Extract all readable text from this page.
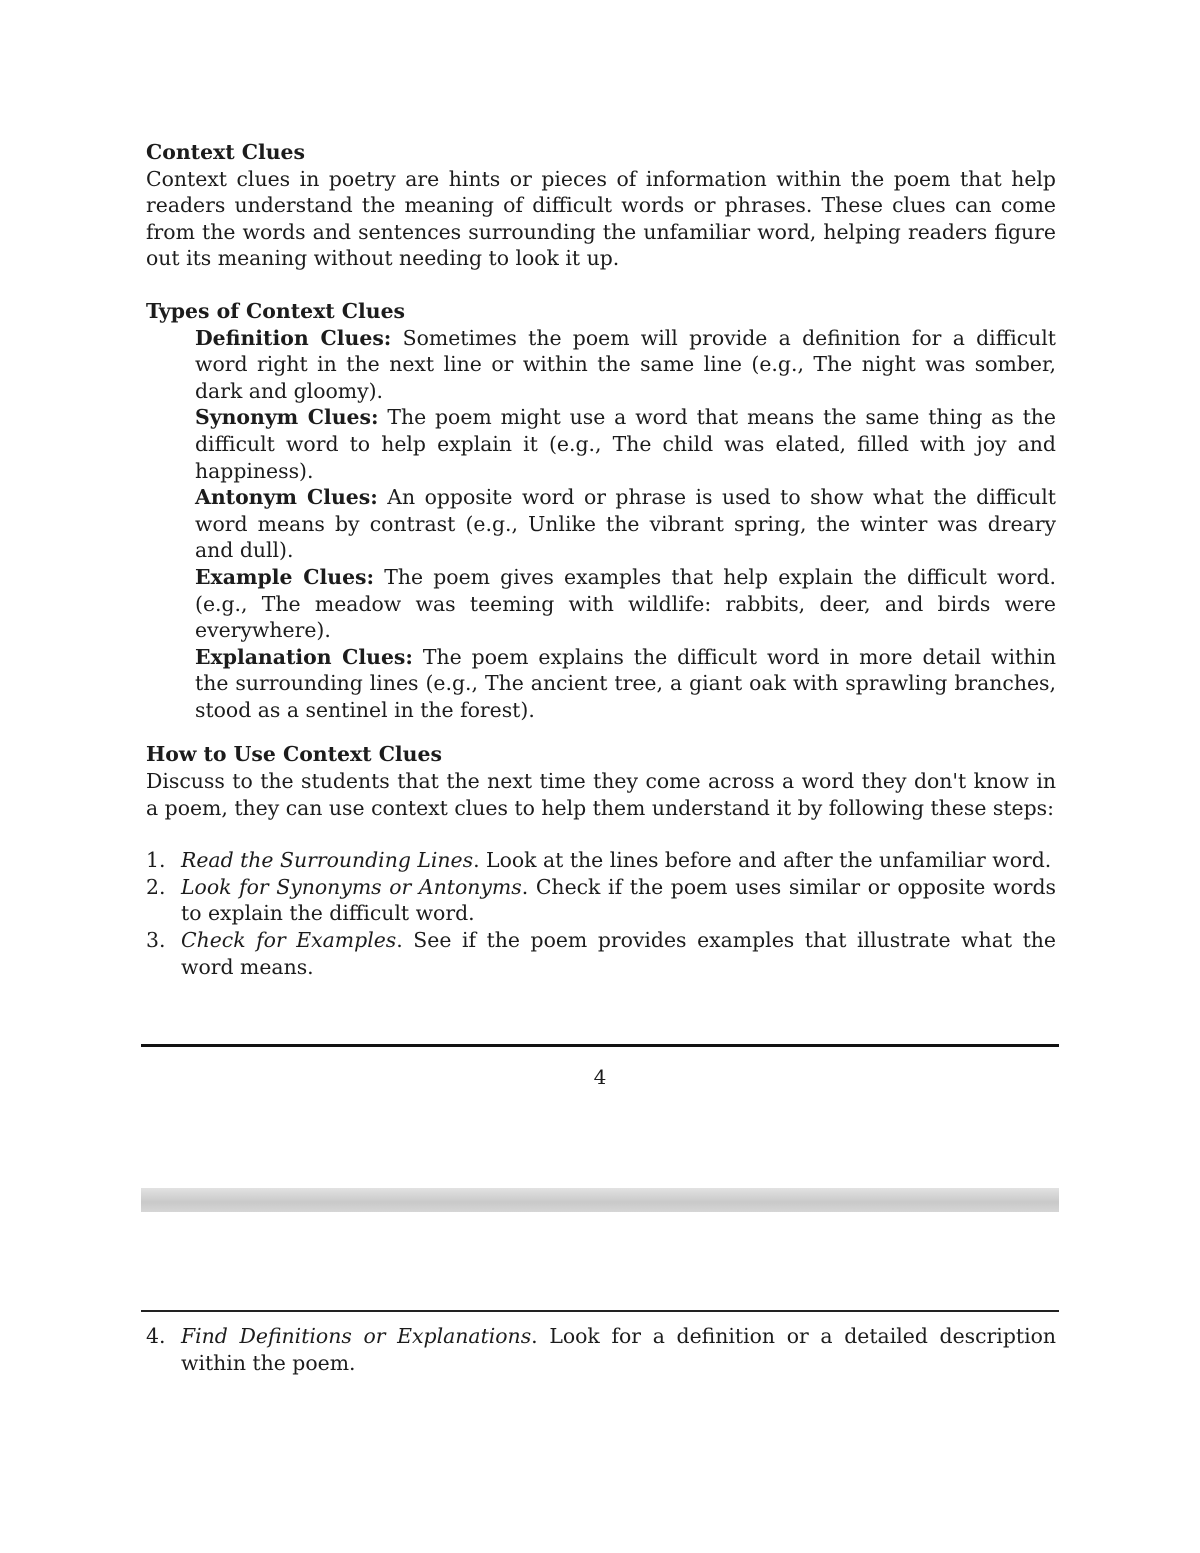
Context Clues

Context clues in poetry are hints or pieces of information within the poem that help readers understand the meaning of difficult words or phrases. These clues can come from the words and sentences surrounding the unfamiliar word, helping readers figure out its meaning without needing to look it up.

Types of Context Clues

Definition Clues: Sometimes the poem will provide a definition for a difficult word right in the next line or within the same line (e.g., The night was somber, dark and gloomy).

Synonym Clues: The poem might use a word that means the same thing as the difficult word to help explain it (e.g., The child was elated, filled with joy and happiness).

Antonym Clues: An opposite word or phrase is used to show what the difficult word means by contrast (e.g., Unlike the vibrant spring, the winter was dreary and dull).

Example Clues: The poem gives examples that help explain the difficult word. (e.g., The meadow was teeming with wildlife: rabbits, deer, and birds were everywhere).

Explanation Clues: The poem explains the difficult word in more detail within the surrounding lines (e.g., The ancient tree, a giant oak with sprawling branches, stood as a sentinel in the forest).

How to Use Context Clues

Discuss to the students that the next time they come across a word they don't know in a poem, they can use context clues to help them understand it by following these steps:

1. Read the Surrounding Lines. Look at the lines before and after the unfamiliar word.
2. Look for Synonyms or Antonyms. Check if the poem uses similar or opposite words to explain the difficult word.
3. Check for Examples. See if the poem provides examples that illustrate what the word means.
4
4. Find Definitions or Explanations. Look for a definition or a detailed description within the poem.
